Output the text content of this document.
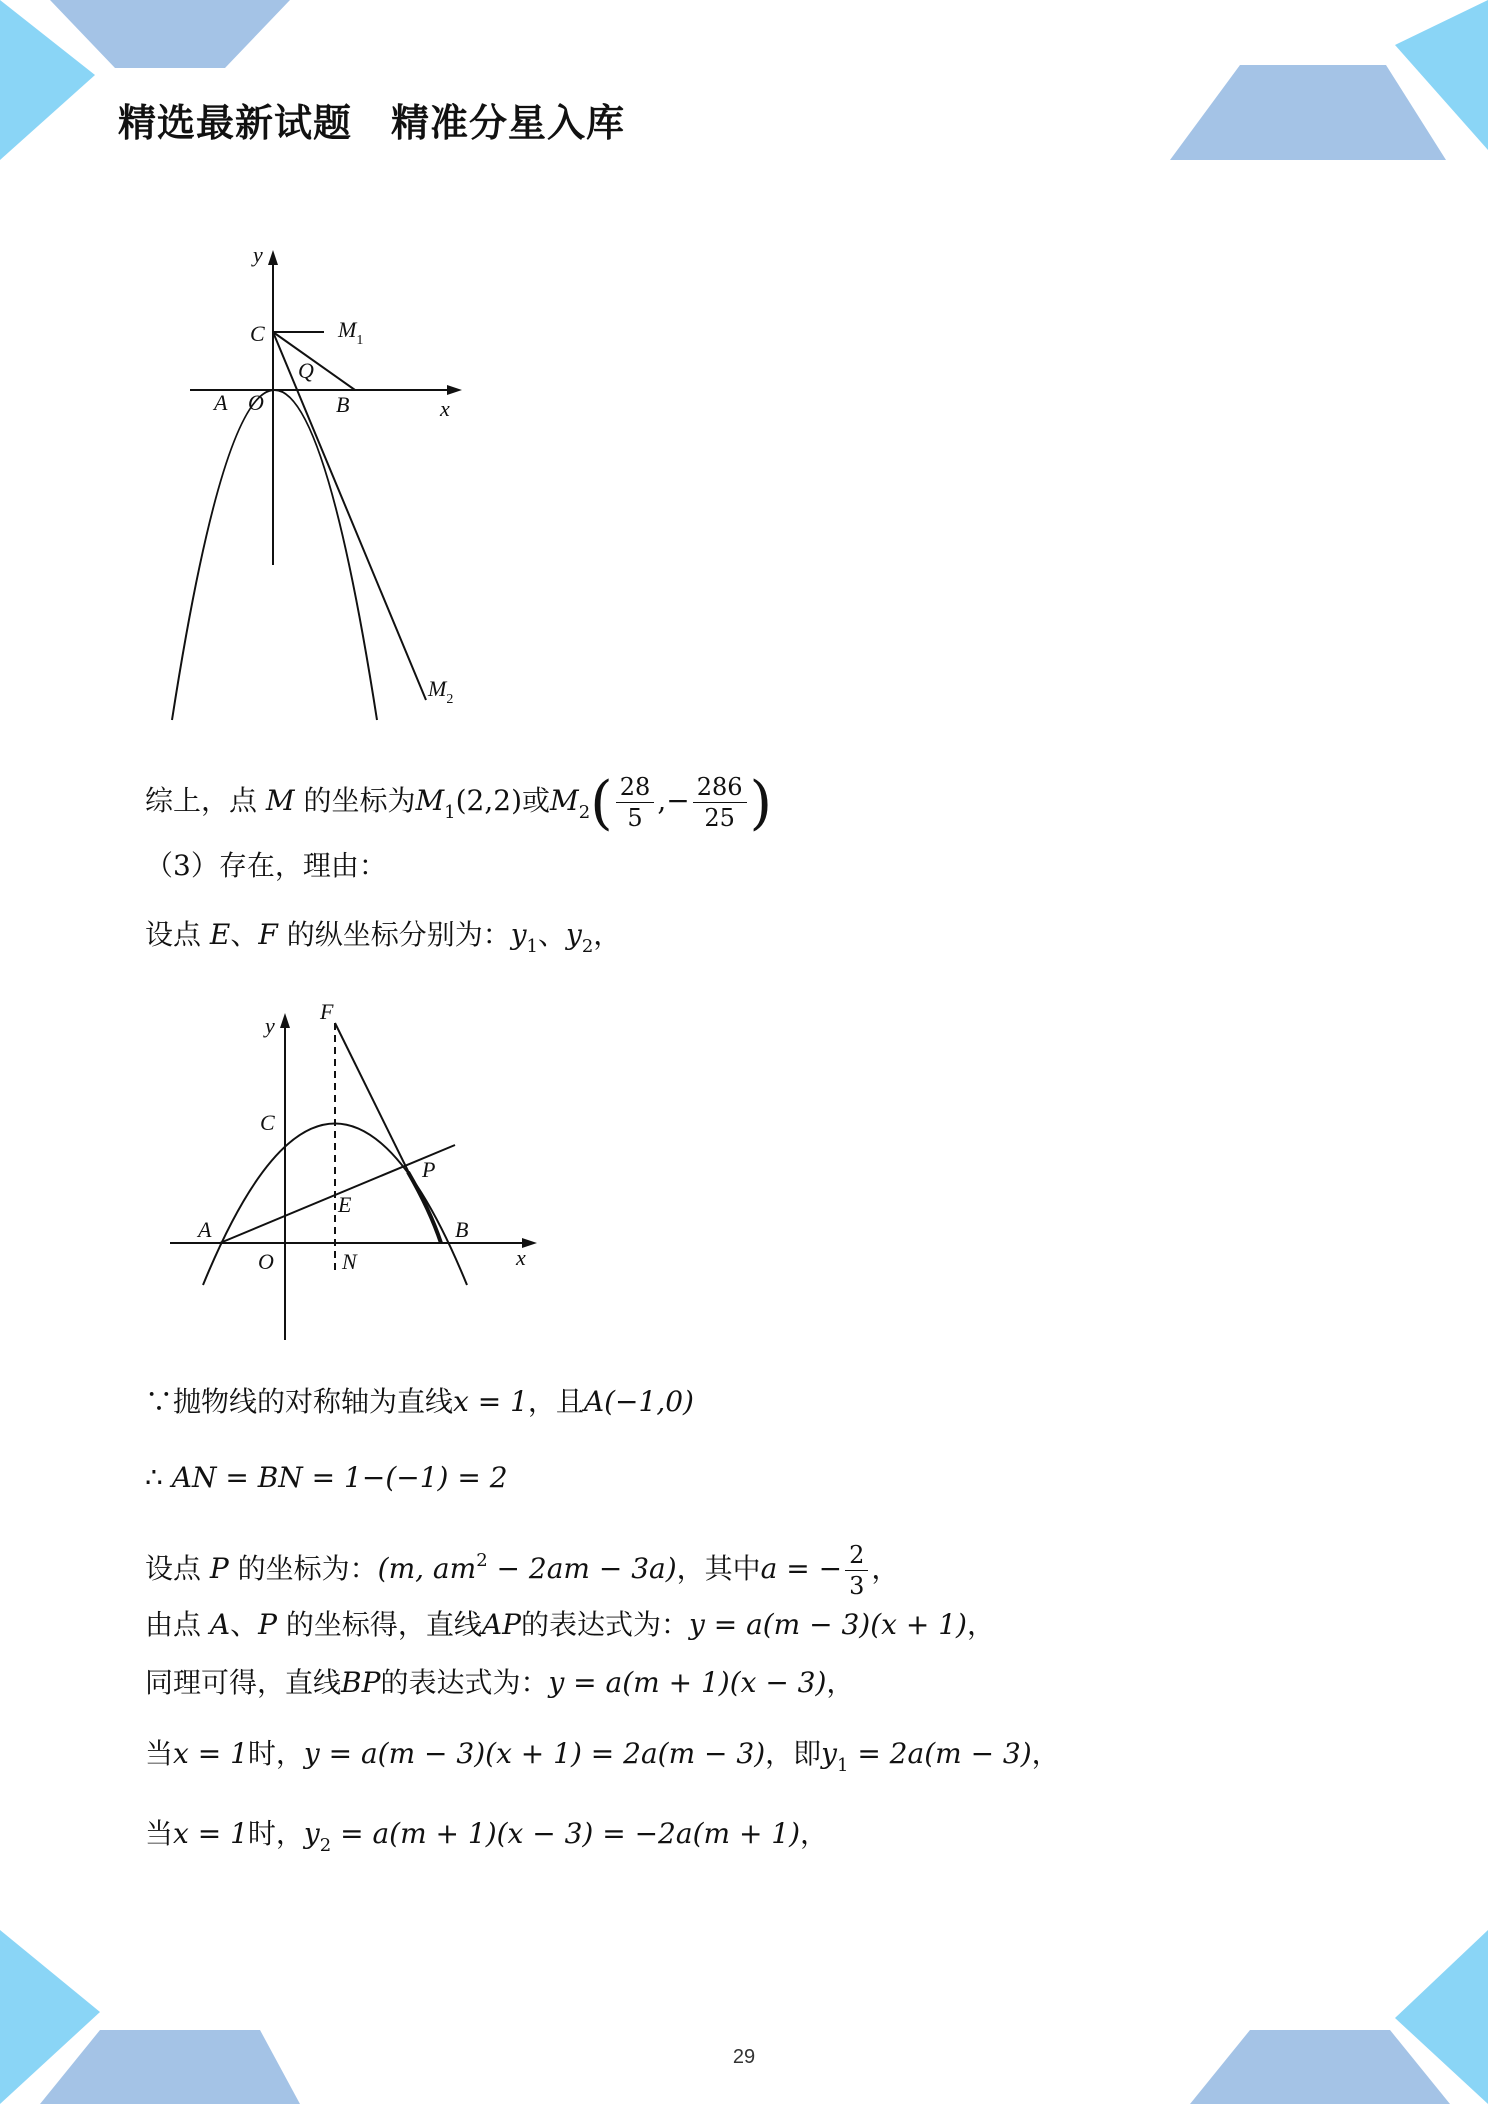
精选最新试题　精准分星入库
y
x
C	$M_1$
Q
A O	B
$M_2$
综上，点 M 的坐标为$M_1(2,2)$或$M_2( \frac{28}{5}$ ,− $\frac{286}{25}$ )
（3）存在，理由：
设点 E、F 的纵坐标分别为：$y_1$、$y_2$，
y
F
C
P
E
A	B
O	N	x
∵抛物线的对称轴为直线x = 1，且A(−1,0)
∴ AN = BN = 1−(−1) = 2
设点 P 的坐标为：(m, $am^2 - 2am - 3a$)，其中a = − $\frac{2}{3}$ ，
由点 A、P 的坐标得，直线AP的表达式为：y = a(m − 3)(x + 1)，
同理可得，直线BP的表达式为：y = a(m + 1)(x − 3)，
当x = 1时，y = a(m − 3)(x + 1) = 2a(m − 3)，即$y_1 = 2a(m - 3)$，
当x = 1时，$y_2 = a(m + 1)(x - 3) = -2a(m + 1)$，
29
